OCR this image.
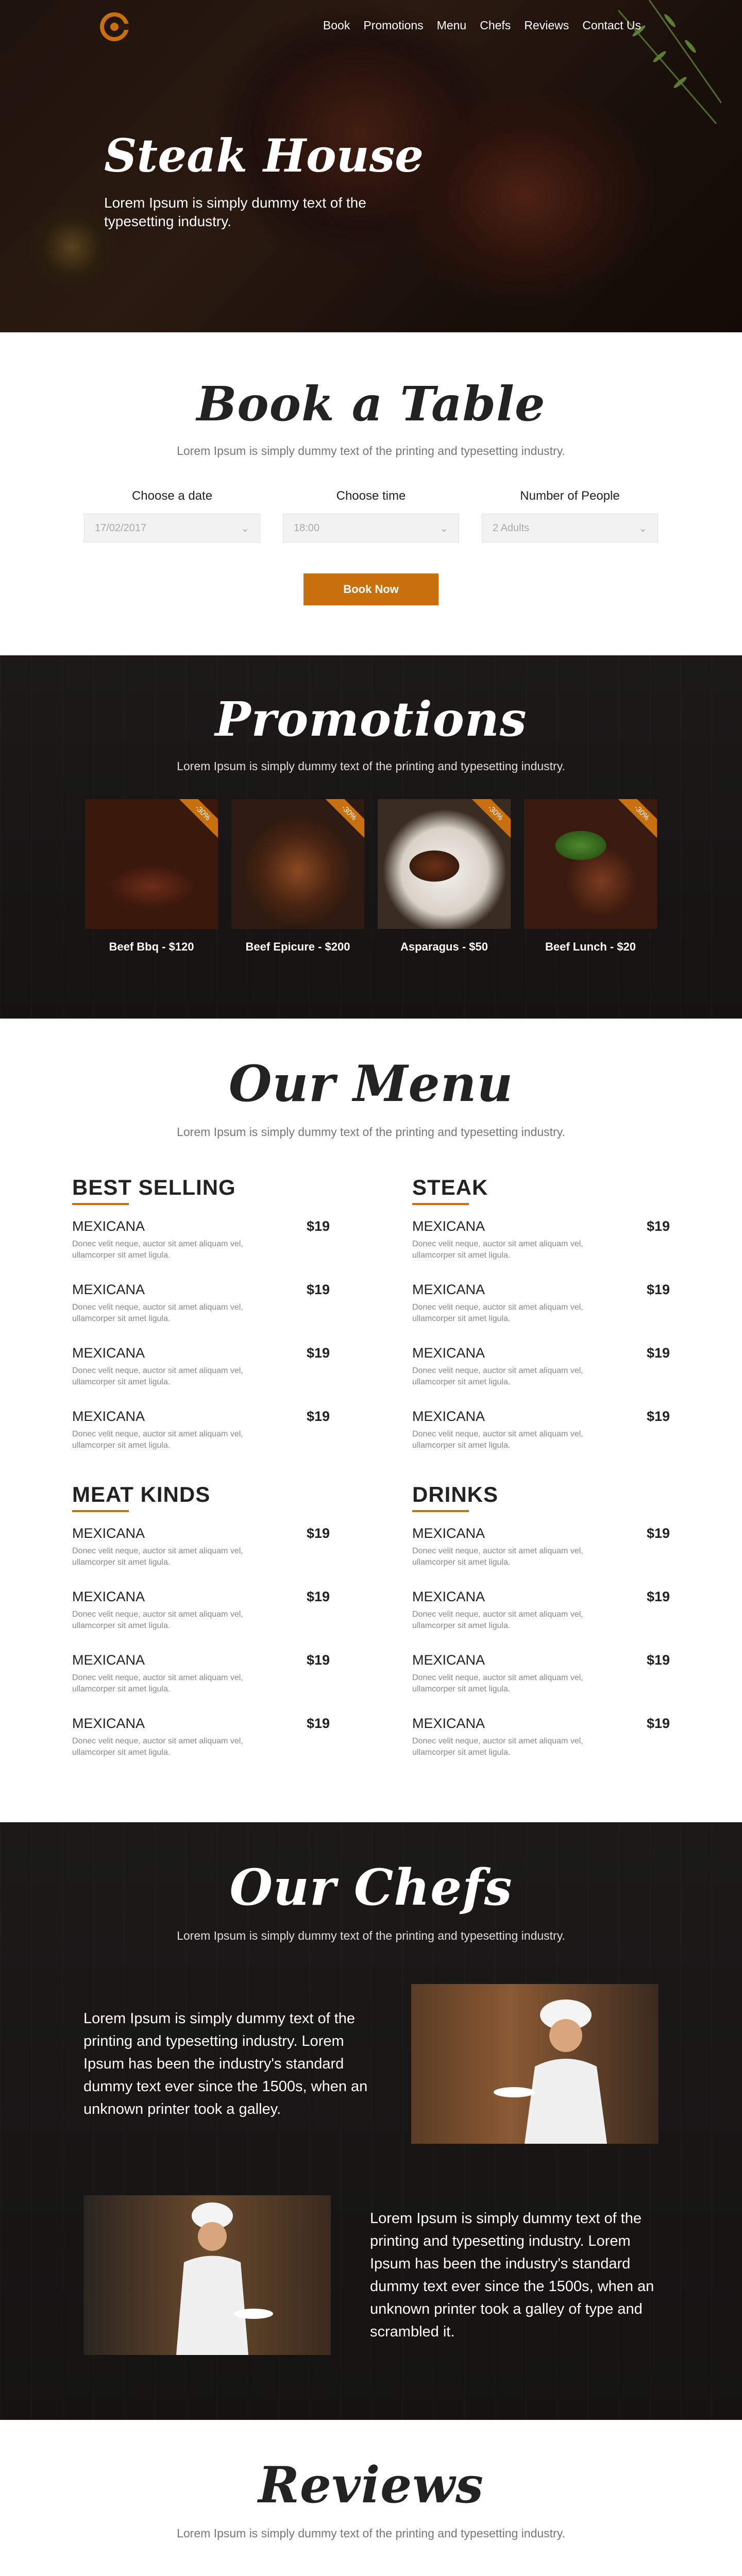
Book Promotions Menu Chefs Reviews Contact Us
Steak House

Lorem Ipsum is simply dummy text of the typesetting industry.

Book a Table

Lorem Ipsum is simply dummy text of the printing and typesetting industry.

Choose a date
17/02/2017	⌄
Choose time
18:00	⌄
Number of People
2 Adults	⌄
Book Now
Promotions

Lorem Ipsum is simply dummy text of the printing and typesetting industry.

-30%

Beef Bbq - $120

-30%

Beef Epicure - $200

-30%

Asparagus - $50

-30%

Beef Lunch - $20

Our Menu

Lorem Ipsum is simply dummy text of the printing and typesetting industry.

BEST SELLING
MEXICANA	$19
Donec velit neque, auctor sit amet aliquam vel, ullamcorper sit amet ligula.
MEXICANA	$19
Donec velit neque, auctor sit amet aliquam vel, ullamcorper sit amet ligula.
MEXICANA	$19
Donec velit neque, auctor sit amet aliquam vel, ullamcorper sit amet ligula.
MEXICANA	$19
Donec velit neque, auctor sit amet aliquam vel, ullamcorper sit amet ligula.
MEAT KINDS
MEXICANA	$19
Donec velit neque, auctor sit amet aliquam vel, ullamcorper sit amet ligula.
MEXICANA	$19
Donec velit neque, auctor sit amet aliquam vel, ullamcorper sit amet ligula.
MEXICANA	$19
Donec velit neque, auctor sit amet aliquam vel, ullamcorper sit amet ligula.
MEXICANA	$19
Donec velit neque, auctor sit amet aliquam vel, ullamcorper sit amet ligula.
STEAK
MEXICANA	$19
Donec velit neque, auctor sit amet aliquam vel, ullamcorper sit amet ligula.
MEXICANA	$19
Donec velit neque, auctor sit amet aliquam vel, ullamcorper sit amet ligula.
MEXICANA	$19
Donec velit neque, auctor sit amet aliquam vel, ullamcorper sit amet ligula.
MEXICANA	$19
Donec velit neque, auctor sit amet aliquam vel, ullamcorper sit amet ligula.
DRINKS
MEXICANA	$19
Donec velit neque, auctor sit amet aliquam vel, ullamcorper sit amet ligula.
MEXICANA	$19
Donec velit neque, auctor sit amet aliquam vel, ullamcorper sit amet ligula.
MEXICANA	$19
Donec velit neque, auctor sit amet aliquam vel, ullamcorper sit amet ligula.
MEXICANA	$19
Donec velit neque, auctor sit amet aliquam vel, ullamcorper sit amet ligula.
Our Chefs

Lorem Ipsum is simply dummy text of the printing and typesetting industry.

Lorem Ipsum is simply dummy text of the printing and typesetting industry. Lorem Ipsum has been the industry's standard dummy text ever since the 1500s, when an unknown printer took a galley.

Lorem Ipsum is simply dummy text of the printing and typesetting industry. Lorem Ipsum has been the industry's standard dummy text ever since the 1500s, when an unknown printer took a galley of type and scrambled it.

Reviews

Lorem Ipsum is simply dummy text of the printing and typesetting industry.
